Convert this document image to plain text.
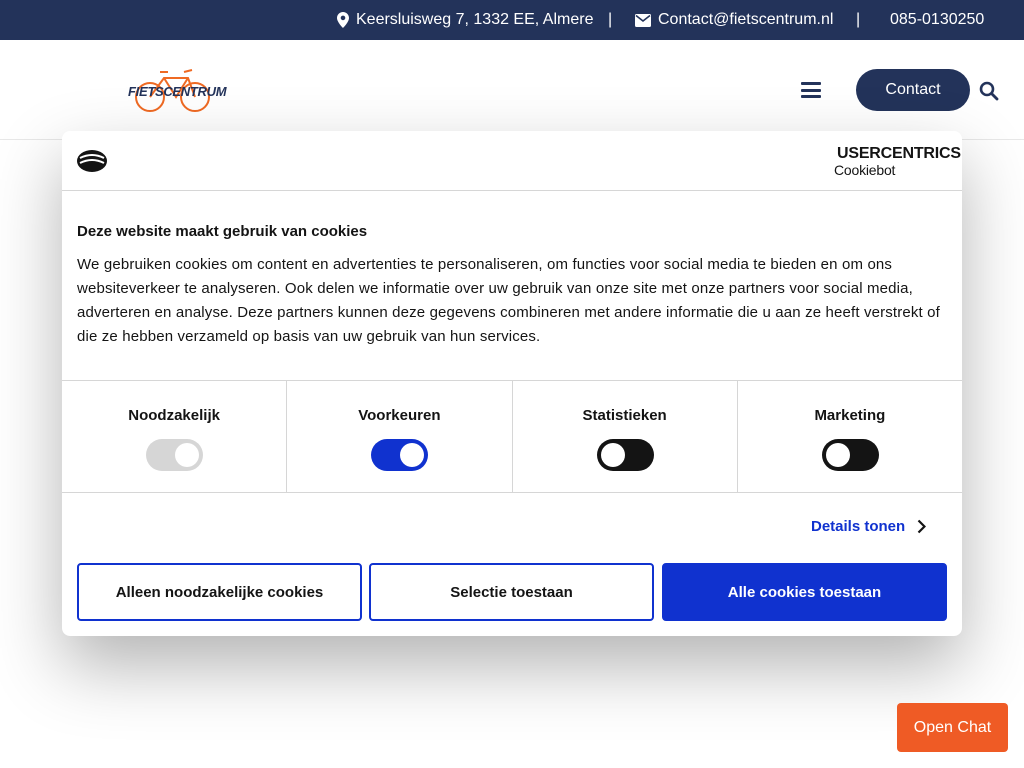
Keersluisweg 7, 1332 EE, Almere |	Contact@fietscentrum.nl | 085-0130250
FIETSCENTRUM	Contact
USERCENTRICS
Cookiebot
Deze website maakt gebruik van cookies
We gebruiken cookies om content en advertenties te personaliseren, om functies voor social media te bieden en om ons websiteverkeer te analyseren. Ook delen we informatie over uw gebruik van onze site met onze partners voor social media, adverteren en analyse. Deze partners kunnen deze gegevens combineren met andere informatie die u aan ze heeft verstrekt of die ze hebben verzameld op basis van uw gebruik van hun services.
Noodzakelijk	Voorkeuren	Statistieken	Marketing
Details tonen
Alleen noodzakelijke cookies	Selectie toestaan	Alle cookies toestaan
Open Chat
